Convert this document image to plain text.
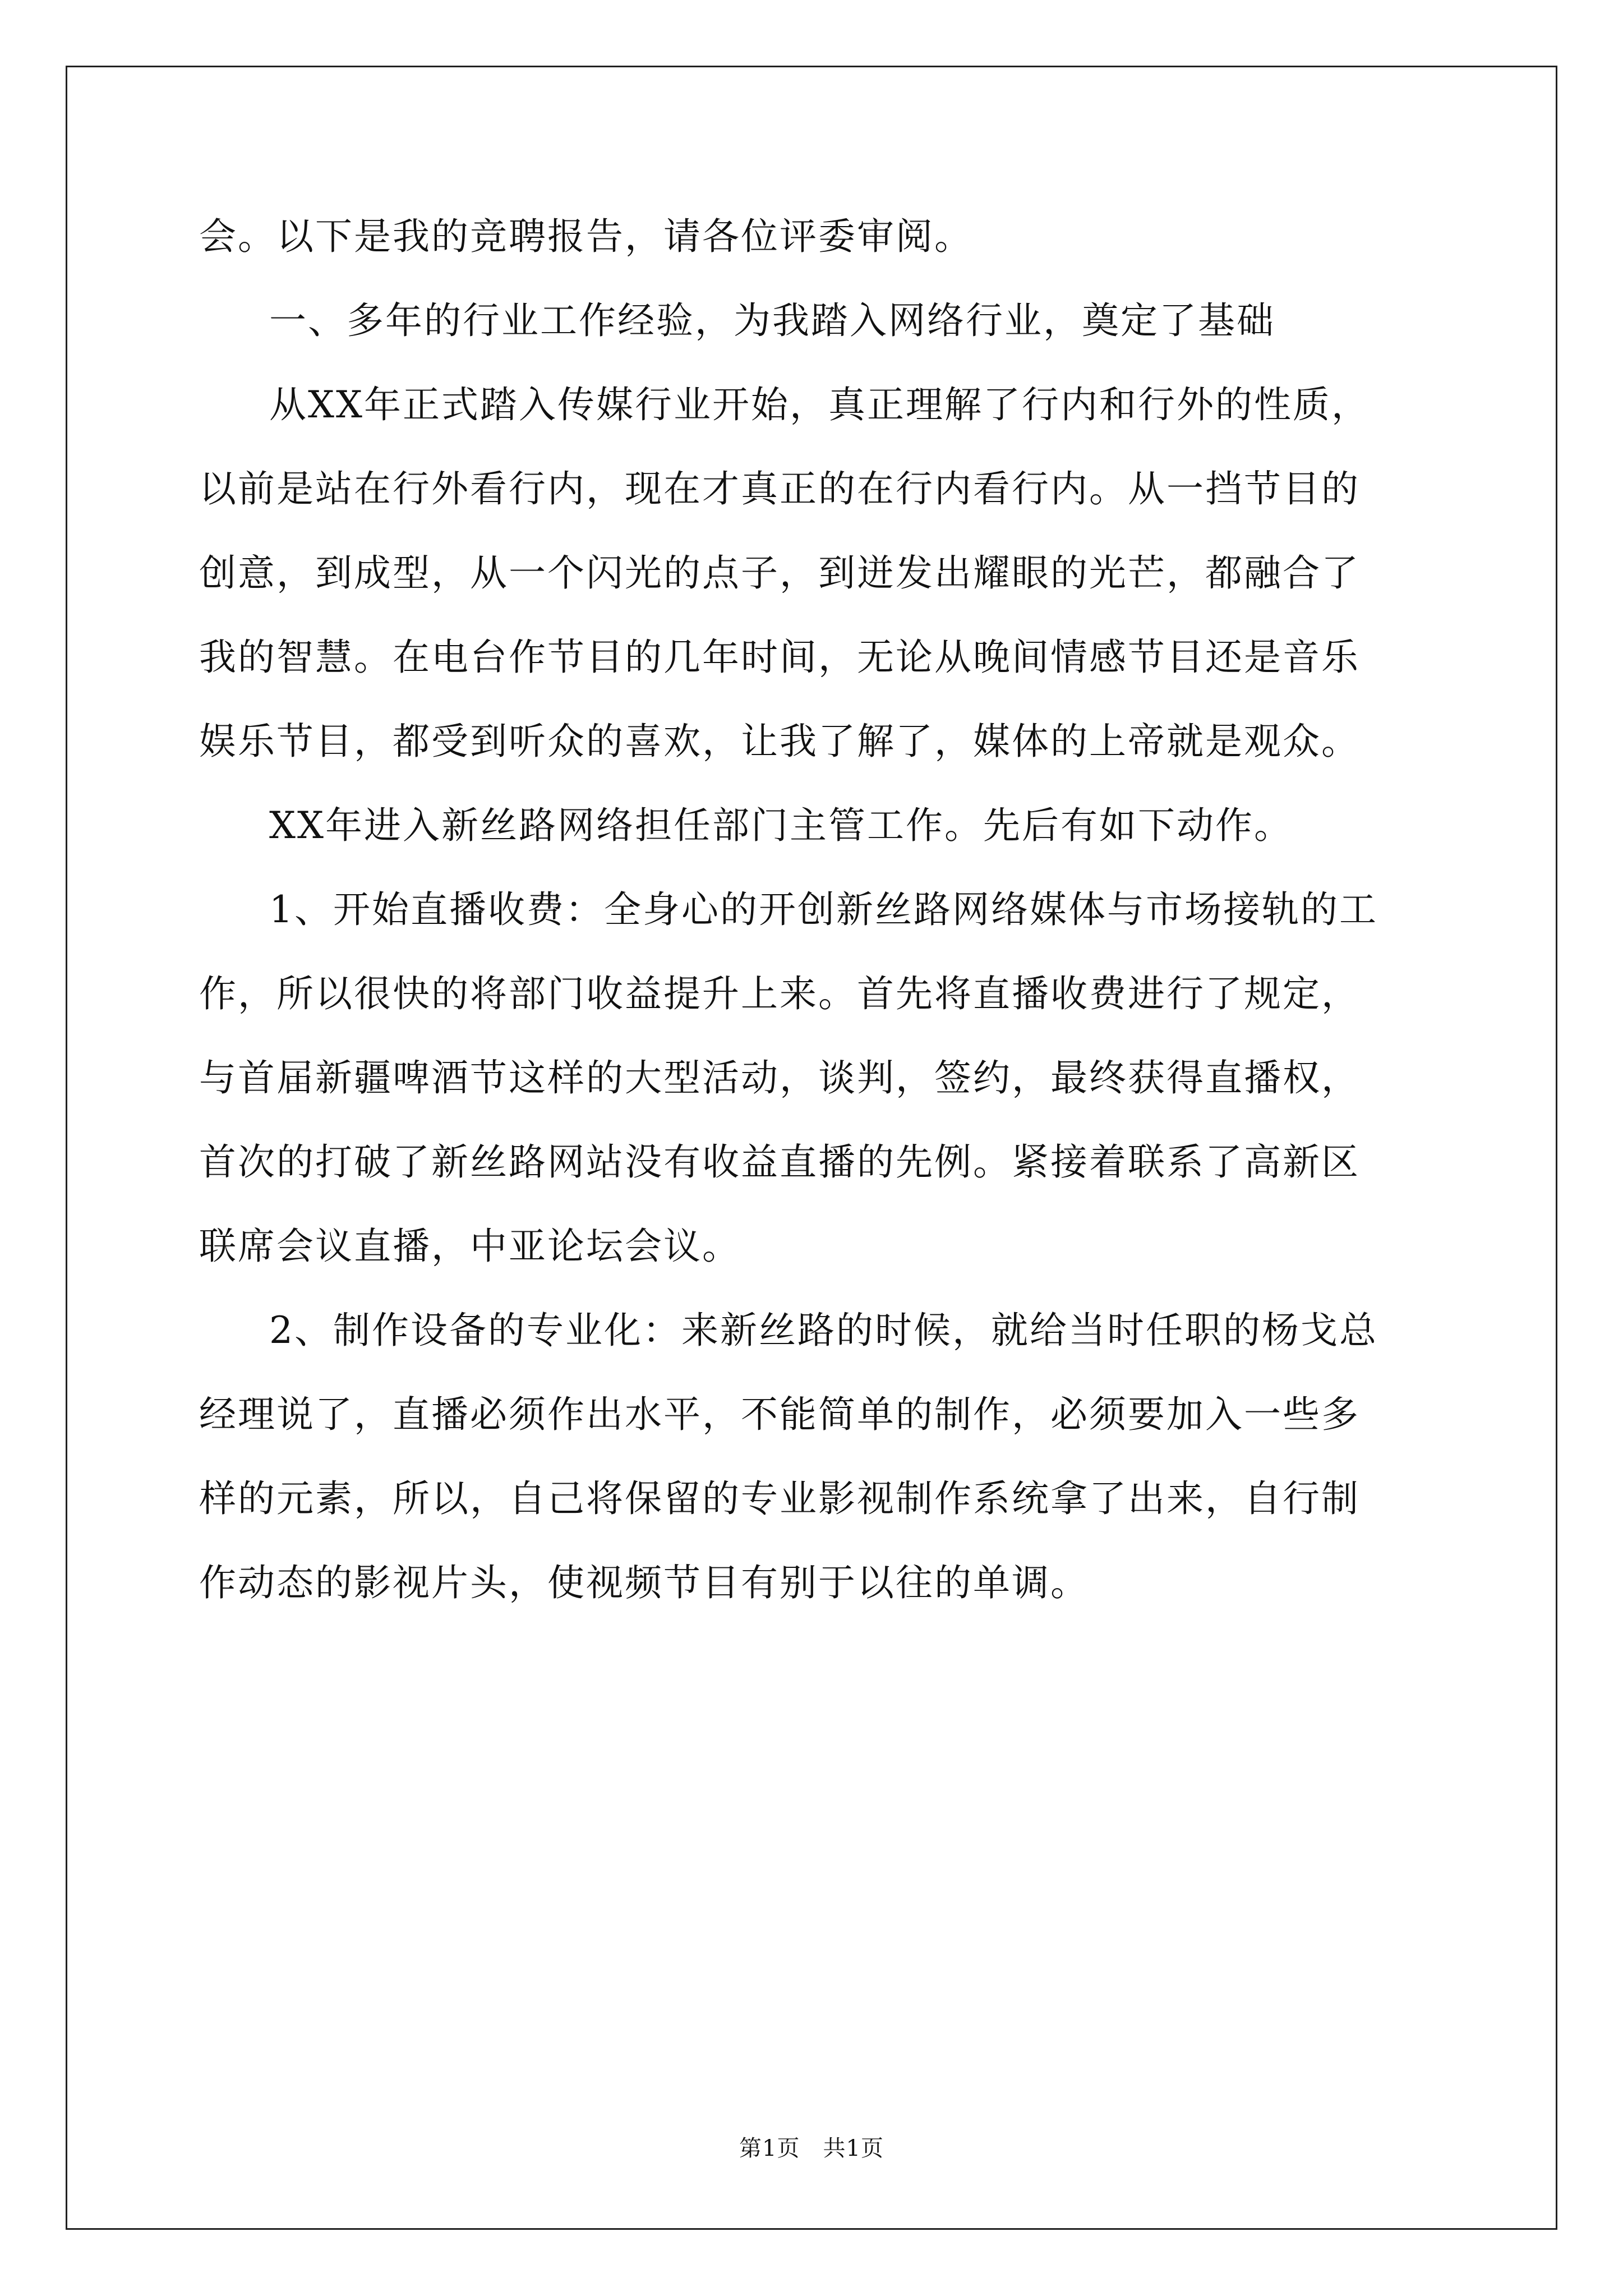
会。以下是我的竞聘报告，请各位评委审阅。
一、多年的行业工作经验，为我踏入网络行业，奠定了基础
从XX年正式踏入传媒行业开始，真正理解了行内和行外的性质，
以前是站在行外看行内，现在才真正的在行内看行内。从一挡节目的
创意，到成型，从一个闪光的点子，到迸发出耀眼的光芒，都融合了
我的智慧。在电台作节目的几年时间，无论从晚间情感节目还是音乐
娱乐节目，都受到听众的喜欢，让我了解了，媒体的上帝就是观众。
XX年进入新丝路网络担任部门主管工作。先后有如下动作。
1、开始直播收费：全身心的开创新丝路网络媒体与市场接轨的工
作，所以很快的将部门收益提升上来。首先将直播收费进行了规定，
与首届新疆啤酒节这样的大型活动，谈判，签约，最终获得直播权，
首次的打破了新丝路网站没有收益直播的先例。紧接着联系了高新区
联席会议直播，中亚论坛会议。
2、制作设备的专业化：来新丝路的时候，就给当时任职的杨戈总
经理说了，直播必须作出水平，不能简单的制作，必须要加入一些多
样的元素，所以，自己将保留的专业影视制作系统拿了出来，自行制
作动态的影视片头，使视频节目有别于以往的单调。
第1页　共1页
